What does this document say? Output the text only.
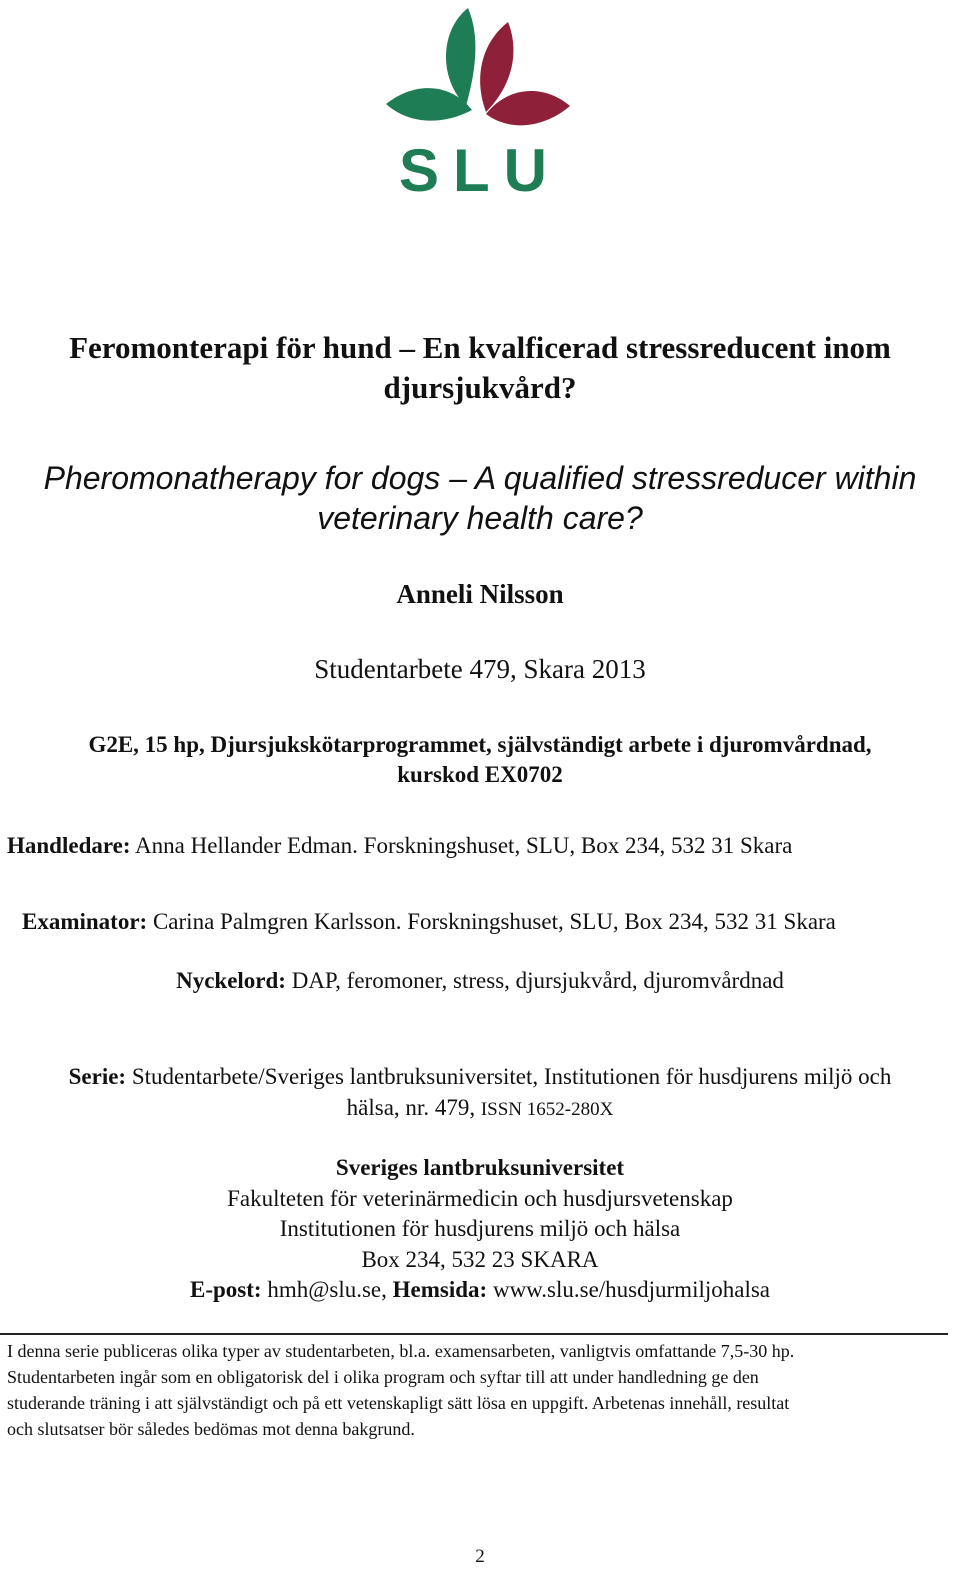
SLU
Feromonterapi för hund – En kvalficerad stressreducent inom djursjukvård?
Pheromonatherapy for dogs – A qualified stressreducer within veterinary health care?
Anneli Nilsson
Studentarbete 479, Skara 2013
G2E, 15 hp, Djursjukskötarprogrammet, självständigt arbete i djuromvårdnad,
kurskod EX0702
Handledare: Anna Hellander Edman. Forskningshuset, SLU, Box 234, 532 31 Skara
Examinator: Carina Palmgren Karlsson. Forskningshuset, SLU, Box 234, 532 31 Skara
Nyckelord: DAP, feromoner, stress, djursjukvård, djuromvårdnad
Serie: Studentarbete/Sveriges lantbruksuniversitet, Institutionen för husdjurens miljö och
hälsa, nr. 479, ISSN 1652-280X
Sveriges lantbruksuniversitet
Fakulteten för veterinärmedicin och husdjursvetenskap
Institutionen för husdjurens miljö och hälsa
Box 234, 532 23 SKARA
E-post: hmh@slu.se, Hemsida: www.slu.se/husdjurmiljohalsa
I denna serie publiceras olika typer av studentarbeten, bl.a. examensarbeten, vanligtvis omfattande 7,5-30 hp.
Studentarbeten ingår som en obligatorisk del i olika program och syftar till att under handledning ge den
studerande träning i att självständigt och på ett vetenskapligt sätt lösa en uppgift. Arbetenas innehåll, resultat
och slutsatser bör således bedömas mot denna bakgrund.
2
